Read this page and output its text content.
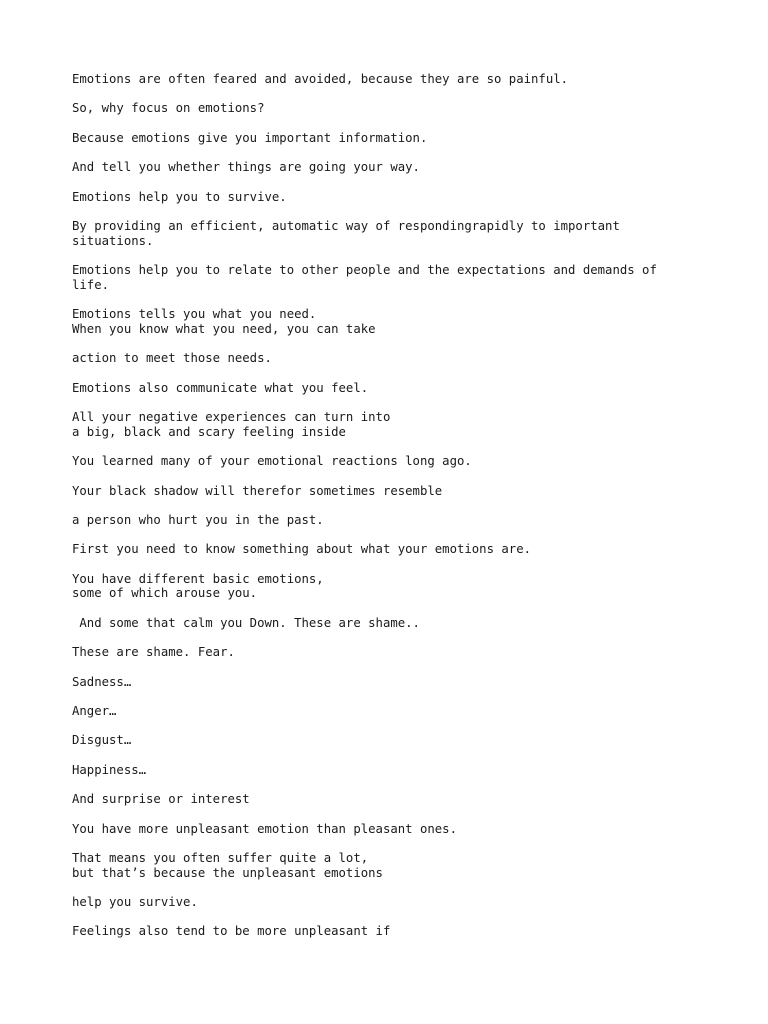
Emotions are often feared and avoided, because they are so painful.
So, why focus on emotions?
Because emotions give you important information.
And tell you whether things are going your way.
Emotions help you to survive.
By providing an efficient, automatic way of respondingrapidly to important
situations.
Emotions help you to relate to other people and the expectations and demands of
life.
Emotions tells you what you need.
When you know what you need, you can take
action to meet those needs.
Emotions also communicate what you feel.
All your negative experiences can turn into
a big, black and scary feeling inside
You learned many of your emotional reactions long ago.
Your black shadow will therefor sometimes resemble
a person who hurt you in the past.
First you need to know something about what your emotions are.
You have different basic emotions,
some of which arouse you.
And some that calm you Down. These are shame..
These are shame. Fear.
Sadness…
Anger…
Disgust…
Happiness…
And surprise or interest
You have more unpleasant emotion than pleasant ones.
That means you often suffer quite a lot,
but that’s because the unpleasant emotions
help you survive.
Feelings also tend to be more unpleasant if
